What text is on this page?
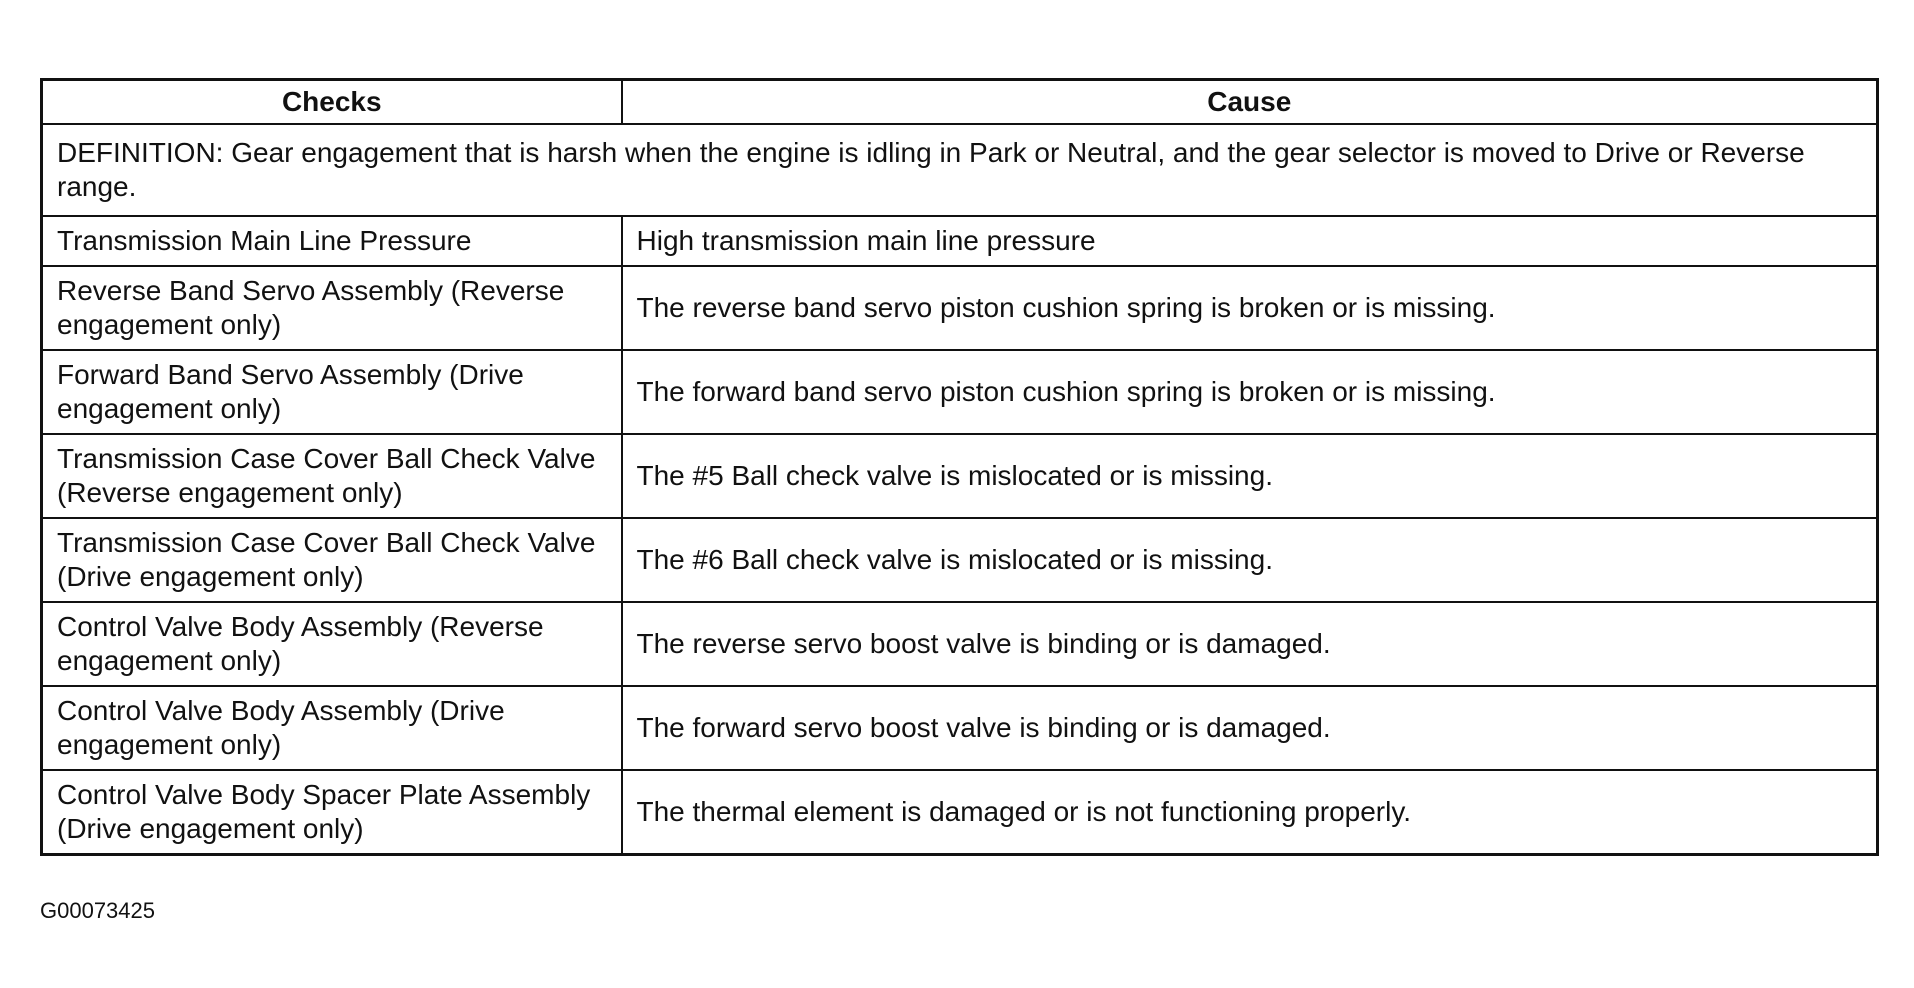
Checks	Cause
DEFINITION: Gear engagement that is harsh when the engine is idling in Park or Neutral, and the gear selector is moved to Drive or Reverse range.	
Transmission Main Line Pressure	High transmission main line pressure
Reverse Band Servo Assembly (Reverse engagement only)	The reverse band servo piston cushion spring is broken or is missing.
Forward Band Servo Assembly (Drive engagement only)	The forward band servo piston cushion spring is broken or is missing.
Transmission Case Cover Ball Check Valve (Reverse engagement only)	The #5 Ball check valve is mislocated or is missing.
Transmission Case Cover Ball Check Valve (Drive engagement only)	The #6 Ball check valve is mislocated or is missing.
Control Valve Body Assembly (Reverse engagement only)	The reverse servo boost valve is binding or is damaged.
Control Valve Body Assembly (Drive engagement only)	The forward servo boost valve is binding or is damaged.
Control Valve Body Spacer Plate Assembly (Drive engagement only)	The thermal element is damaged or is not functioning properly.
G00073425
